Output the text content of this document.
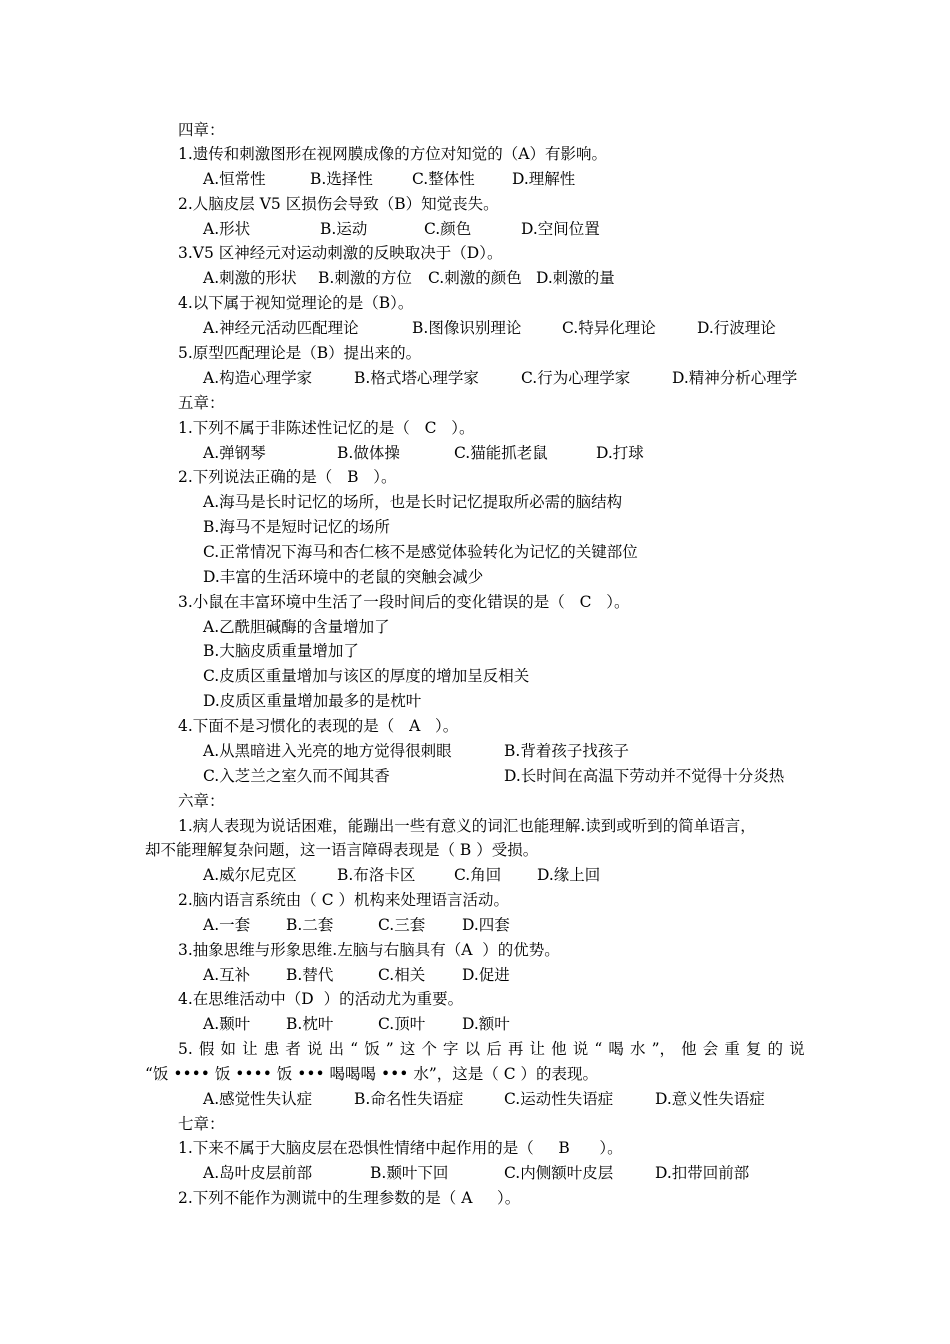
四章：
1.遗传和刺激图形在视网膜成像的方位对知觉的（A）有影响。
A.恒常性	B.选择性	C.整体性 D.理解性
2.人脑皮层 V5 区损伤会导致（B）知觉丧失。
A.形状	B.运动	C.颜色	D.空间位置
3.V5 区神经元对运动刺激的反映取决于（D）。
A.刺激的形状 B.刺激的方位 C.刺激的颜色 D.刺激的量
4.以下属于视知觉理论的是（B）。
A.神经元活动匹配理论	B.图像识别理论	C.特异化理论	D.行波理论
5.原型匹配理论是（B）提出来的。
A.构造心理学家	B.格式塔心理学家	C.行为心理学家	D.精神分析心理学
五章：
1.下列不属于非陈述性记忆的是（   C   ）。
A.弹钢琴	B.做体操	C.猫能抓老鼠	D.打球
2.下列说法正确的是（   B   ）。
A.海马是长时记忆的场所，也是长时记忆提取所必需的脑结构
B.海马不是短时记忆的场所
C.正常情况下海马和杏仁核不是感觉体验转化为记忆的关键部位
D.丰富的生活环境中的老鼠的突触会减少
3.小鼠在丰富环境中生活了一段时间后的变化错误的是（   C   ）。
A.乙酰胆碱酶的含量增加了
B.大脑皮质重量增加了
C.皮质区重量增加与该区的厚度的增加呈反相关
D.皮质区重量增加最多的是枕叶
4.下面不是习惯化的表现的是（   A   ）。
A.从黑暗进入光亮的地方觉得很刺眼	B.背着孩子找孩子
C.入芝兰之室久而不闻其香	D.长时间在高温下劳动并不觉得十分炎热
六章：
1.病人表现为说话困难，能蹦出一些有意义的词汇也能理解.读到或听到的简单语言，
却不能理解复杂问题，这一语言障碍表现是（ B ）受损。
A.威尔尼克区	B.布洛卡区 C.角回 D.缘上回
2.脑内语言系统由（ C ）机构来处理语言活动。
A.一套 B.二套	C.三套 D.四套
3.抽象思维与形象思维.左脑与右脑具有（A  ）的优势。
A.互补 B.替代	C.相关 D.促进
4.在思维活动中（D  ）的活动尤为重要。
A.颞叶 B.枕叶	C.顶叶 D.额叶
5. 假 如 让 患 者 说 出 “ 饭 ” 这 个 字 以 后 再 让 他 说 “ 喝 水 ”， 他 会 重 复 的 说
“饭 •••• 饭 •••• 饭 ••• 喝喝喝 ••• 水”，这是（ C ）的表现。
A.感觉性失认症	B.命名性失语症	C.运动性失语症	D.意义性失语症
七章：
1.下来不属于大脑皮层在恐惧性情绪中起作用的是（     B      ）。
A.岛叶皮层前部	B.颞叶下回	C.内侧额叶皮层	D.扣带回前部
2.下列不能作为测谎中的生理参数的是（ A     ）。
